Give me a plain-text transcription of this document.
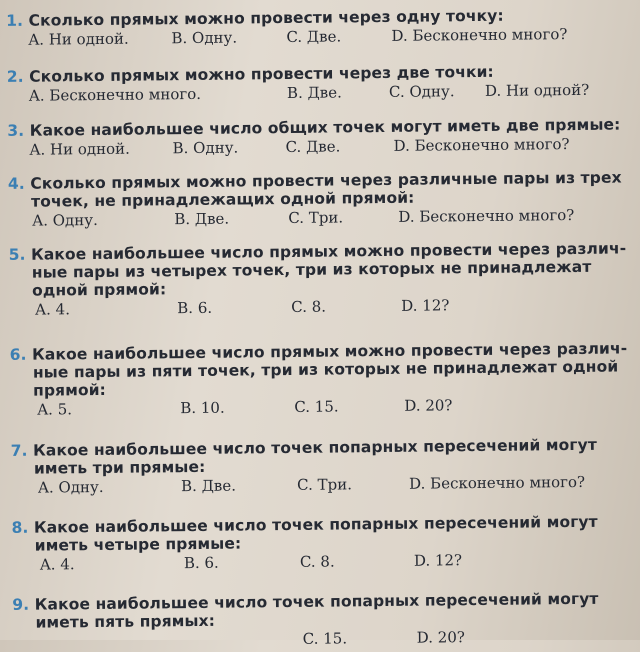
1. Сколько прямых можно провести через одну точку:
A. Ни одной.	B. Одну.	C. Две.	D. Бесконечно много?
2. Сколько прямых можно провести через две точки:
A. Бесконечно много.	B. Две.	C. Одну. D. Ни одной?
3. Какое наибольшее число общих точек могут иметь две прямые:
A. Ни одной.	B. Одну.	C. Две.	D. Бесконечно много?
4. Сколько прямых можно провести через различные пары из трех
точек, не принадлежащих одной прямой:
A. Одну.	B. Две.	C. Три.	D. Бесконечно много?
5. Какое наибольшее число прямых можно провести через различ-
ные пары из четырех точек, три из которых не принадлежат
одной прямой:
A. 4.	B. 6.	C. 8.	D. 12?
6. Какое наибольшее число прямых можно провести через различ-
ные пары из пяти точек, три из которых не принадлежат одной
прямой:
A. 5.	B. 10.	C. 15.	D. 20?
7. Какое наибольшее число точек попарных пересечений могут
иметь три прямые:
A. Одну.	B. Две.	C. Три.	D. Бесконечно много?
8. Какое наибольшее число точек попарных пересечений могут
иметь четыре прямые:
A. 4.	B. 6.	C. 8.	D. 12?
9. Какое наибольшее число точек попарных пересечений могут
иметь пять прямых:
C. 15.	D. 20?
